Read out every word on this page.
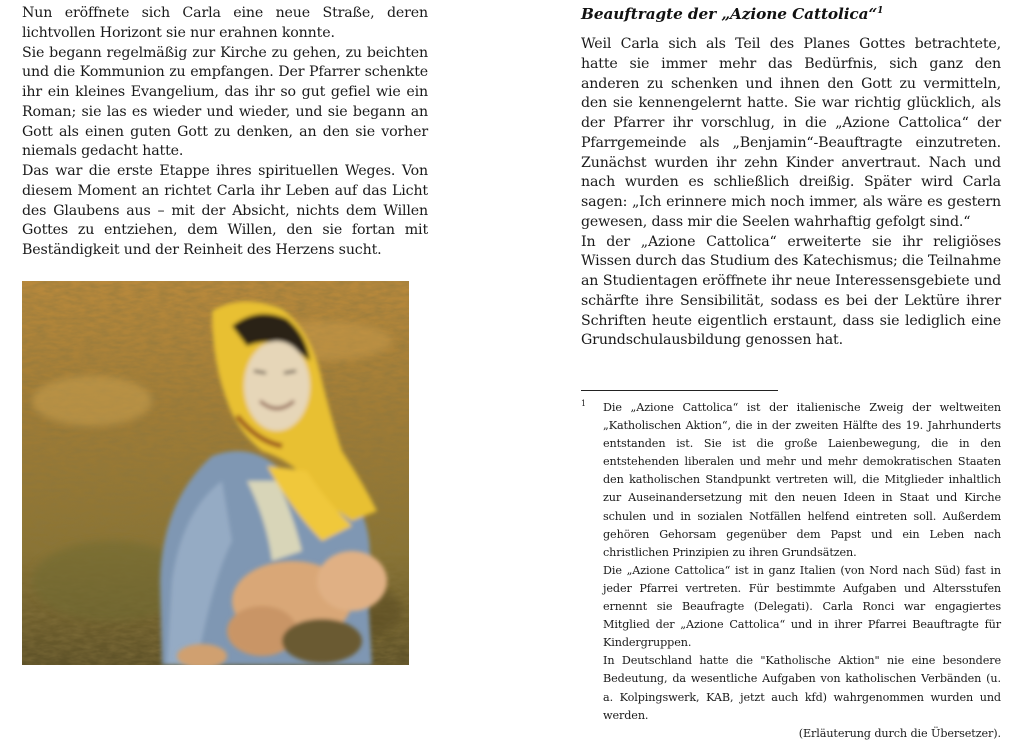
Nun eröffnete sich Carla eine neue Straße, deren lichtvollen Horizont sie nur erahnen konnte.

Sie begann regelmäßig zur Kirche zu gehen, zu beichten und die Kommunion zu empfangen. Der Pfarrer schenkte ihr ein kleines Evangelium, das ihr so gut gefiel wie ein Roman; sie las es wieder und wieder, und sie begann an Gott als einen guten Gott zu denken, an den sie vorher niemals gedacht hatte.

Das war die erste Etappe ihres spirituellen Weges. Von diesem Moment an richtet Carla ihr Leben auf das Licht des Glaubens aus – mit der Absicht, nichts dem Willen Gottes zu entziehen, dem Willen, den sie fortan mit Beständigkeit und der Reinheit des Herzens sucht.

Beauftragte der „Azione Cattolica“$^1$

Weil Carla sich als Teil des Planes Gottes betrachtete, hatte sie immer mehr das Bedürfnis, sich ganz den anderen zu schenken und ihnen den Gott zu vermitteln, den sie kennengelernt hatte. Sie war richtig glücklich, als der Pfarrer ihr vorschlug, in die „Azione Cattolica“ der Pfarrgemeinde als „Benjamin“-Beauftragte einzutreten. Zunächst wurden ihr zehn Kinder anvertraut. Nach und nach wurden es schließlich dreißig. Später wird Carla sagen: „Ich erinnere mich noch immer, als wäre es gestern gewesen, dass mir die Seelen wahrhaftig gefolgt sind.“

In der „Azione Cattolica“ erweiterte sie ihr religiöses Wissen durch das Studium des Katechismus; die Teilnahme an Studientagen eröffnete ihr neue Interessensgebiete und schärfte ihre Sensibilität, sodass es bei der Lektüre ihrer Schriften heute eigentlich erstaunt, dass sie lediglich eine Grundschulausbildung genossen hat.

1 Die „Azione Cattolica“ ist der italienische Zweig der weltweiten „Katholischen Aktion“, die in der zweiten Hälfte des 19. Jahrhunderts entstanden ist. Sie ist die große Laienbewegung, die in den entstehenden liberalen und mehr und mehr demokratischen Staaten den katholischen Standpunkt vertreten will, die Mitglieder inhaltlich zur Auseinandersetzung mit den neuen Ideen in Staat und Kirche schulen und in sozialen Notfällen helfend eintreten soll. Außerdem gehören Gehorsam gegenüber dem Papst und ein Leben nach christlichen Prinzipien zu ihren Grundsätzen.

Die „Azione Cattolica“ ist in ganz Italien (von Nord nach Süd) fast in jeder Pfarrei vertreten. Für bestimmte Aufgaben und Altersstufen ernennt sie Beaufragte (Delegati). Carla Ronci war engagiertes Mitglied der „Azione Cattolica“ und in ihrer Pfarrei Beauftragte für Kindergruppen.

In Deutschland hatte die "Katholische Aktion" nie eine besondere Bedeutung, da wesentliche Aufgaben von katholischen Verbänden (u. a. Kolpingswerk, KAB, jetzt auch kfd) wahrgenommen wurden und werden.

(Erläuterung durch die Übersetzer).
